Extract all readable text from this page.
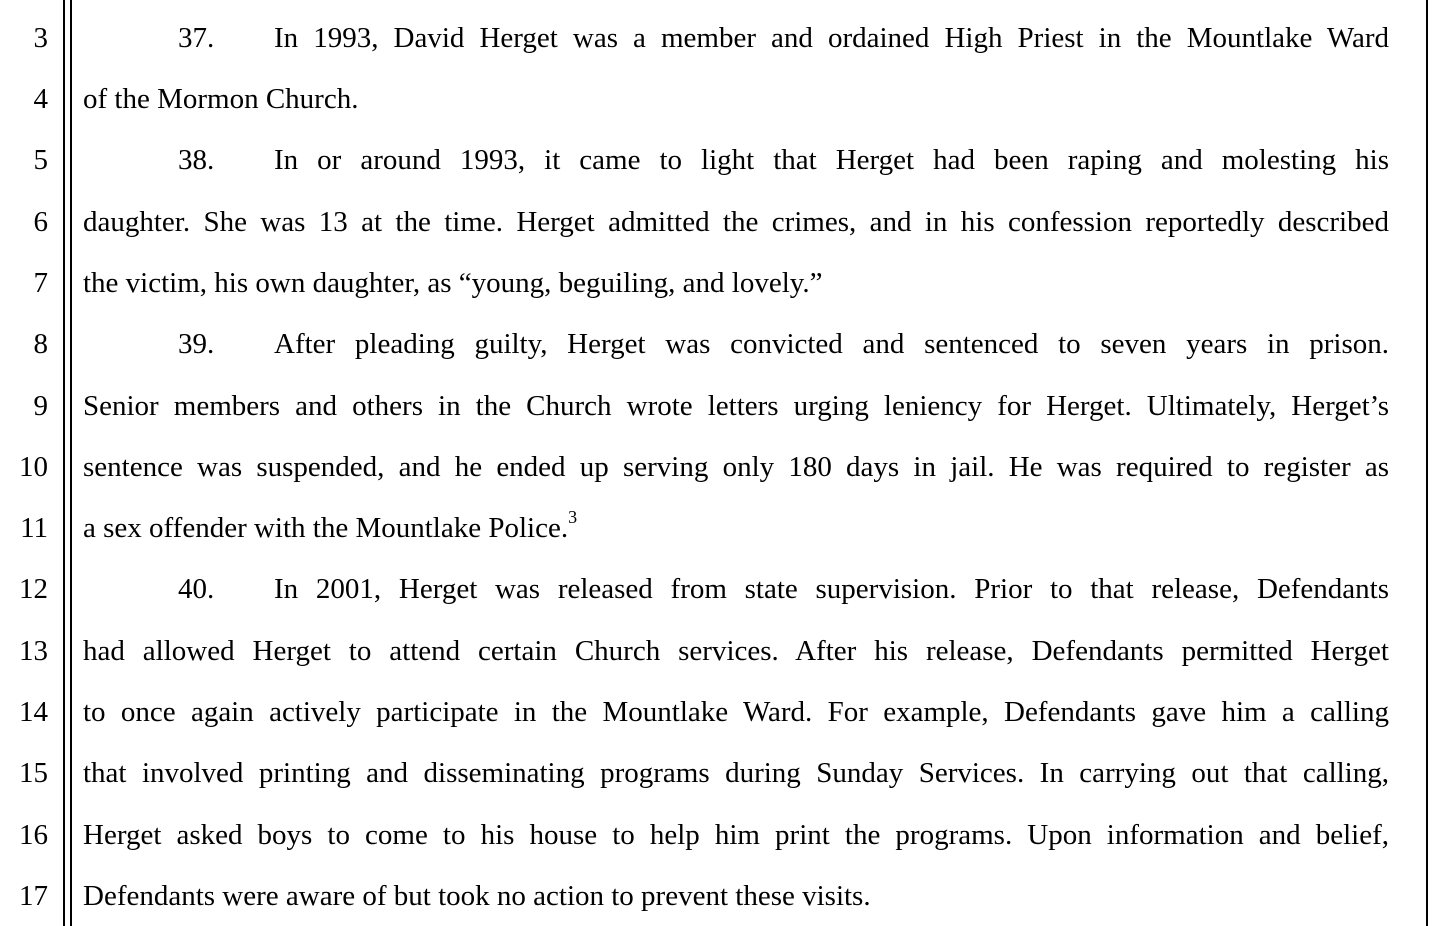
3
4
5
6
7
8
9
10
11
12
13
14
15
16
17
37. In 1993, David Herget was a member and ordained High Priest in the Mountlake Ward
of the Mormon Church.
38. In or around 1993, it came to light that Herget had been raping and molesting his
daughter. She was 13 at the time. Herget admitted the crimes, and in his confession reportedly described
the victim, his own daughter, as “young, beguiling, and lovely.”
39. After pleading guilty, Herget was convicted and sentenced to seven years in prison.
Senior members and others in the Church wrote letters urging leniency for Herget. Ultimately, Herget’s
sentence was suspended, and he ended up serving only 180 days in jail. He was required to register as
a sex offender with the Mountlake Police.$^3$
40. In 2001, Herget was released from state supervision. Prior to that release, Defendants
had allowed Herget to attend certain Church services. After his release, Defendants permitted Herget
to once again actively participate in the Mountlake Ward. For example, Defendants gave him a calling
that involved printing and disseminating programs during Sunday Services. In carrying out that calling,
Herget asked boys to come to his house to help him print the programs. Upon information and belief,
Defendants were aware of but took no action to prevent these visits.
